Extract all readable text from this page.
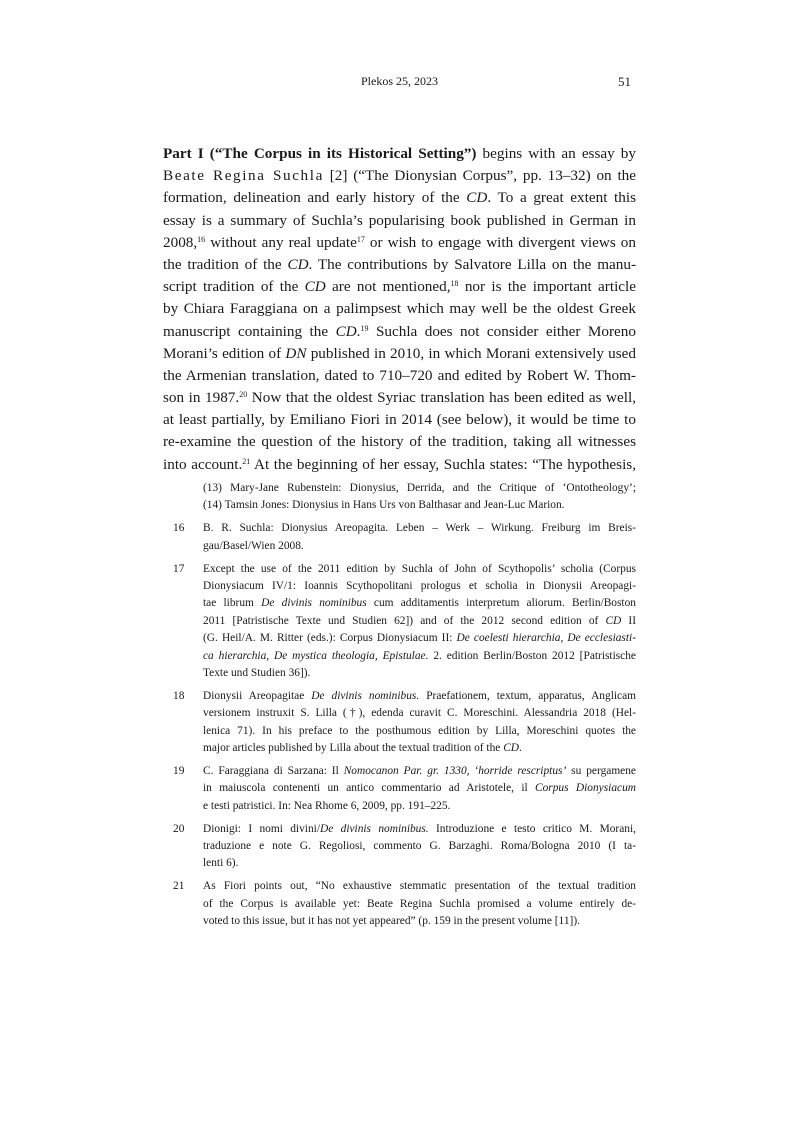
Plekos 25, 2023	51
Part I (“The Corpus in its Historical Setting”) begins with an essay by
Beate Regina Suchla [2] (“The Dionysian Corpus”, pp. 13–32) on the
formation, delineation and early history of the CD. To a great extent this
essay is a summary of Suchla’s popularising book published in German in
2008,16 without any real update$^{17}$ or wish to engage with divergent views on
the tradition of the CD. The contributions by Salvatore Lilla on the manu-
script tradition of the CD are not mentioned,$^{18}$ nor is the important article
by Chiara Faraggiana on a palimpsest which may well be the oldest Greek
manuscript containing the CD.$^{19}$ Suchla does not consider either Moreno
Morani’s edition of DN published in 2010, in which Morani extensively used
the Armenian translation, dated to 710–720 and edited by Robert W. Thom-
son in 1987.20 Now that the oldest Syriac translation has been edited as well,
at least partially, by Emiliano Fiori in 2014 (see below), it would be time to
re-examine the question of the history of the tradition, taking all witnesses
into account.$^{21}$ At the beginning of her essay, Suchla states: “The hypothesis,
(13) Mary-Jane Rubenstein: Dionysius, Derrida, and the Critique of ‘Ontotheology’;
(14) Tamsin Jones: Dionysius in Hans Urs von Balthasar and Jean-Luc Marion.
16 B. R. Suchla: Dionysius Areopagita. Leben – Werk – Wirkung. Freiburg im Breis-
gau/Basel/Wien 2008.
17 Except the use of the 2011 edition by Suchla of John of Scythopolis’ scholia (Corpus
Dionysiacum IV/1: Ioannis Scythopolitani prologus et scholia in Dionysii Areopagi-
tae librum De divinis nominibus cum additamentis interpretum aliorum. Berlin/Boston
2011 [Patristische Texte und Studien 62]) and of the 2012 second edition of CD II
(G. Heil/A. M. Ritter (eds.): Corpus Dionysiacum II: De coelesti hierarchia, De ecclesiasti-
ca hierarchia, De mystica theologia, Epistulae. 2. edition Berlin/Boston 2012 [Patristische
Texte und Studien 36]).
18 Dionysii Areopagitae De divinis nominibus. Praefationem, textum, apparatus, Anglicam
versionem instruxit S. Lilla (†), edenda curavit C. Moreschini. Alessandria 2018 (Hel-
lenica 71). In his preface to the posthumous edition by Lilla, Moreschini quotes the
major articles published by Lilla about the textual tradition of the CD.
19 C. Faraggiana di Sarzana: Il Nomocanon Par. gr. 1330, ‘horride rescriptus’ su pergamene
in maiuscola contenenti un antico commentario ad Aristotele, il Corpus Dionysiacum
e testi patristici. In: Nea Rhome 6, 2009, pp. 191–225.
20 Dionigi: I nomi divini/De divinis nominibus. Introduzione e testo critico M. Morani,
traduzione e note G. Regoliosi, commento G. Barzaghi. Roma/Bologna 2010 (I ta-
lenti 6).
21 As Fiori points out, “No exhaustive stemmatic presentation of the textual tradition
of the Corpus is available yet: Beate Regina Suchla promised a volume entirely de-
voted to this issue, but it has not yet appeared” (p. 159 in the present volume [11]).
